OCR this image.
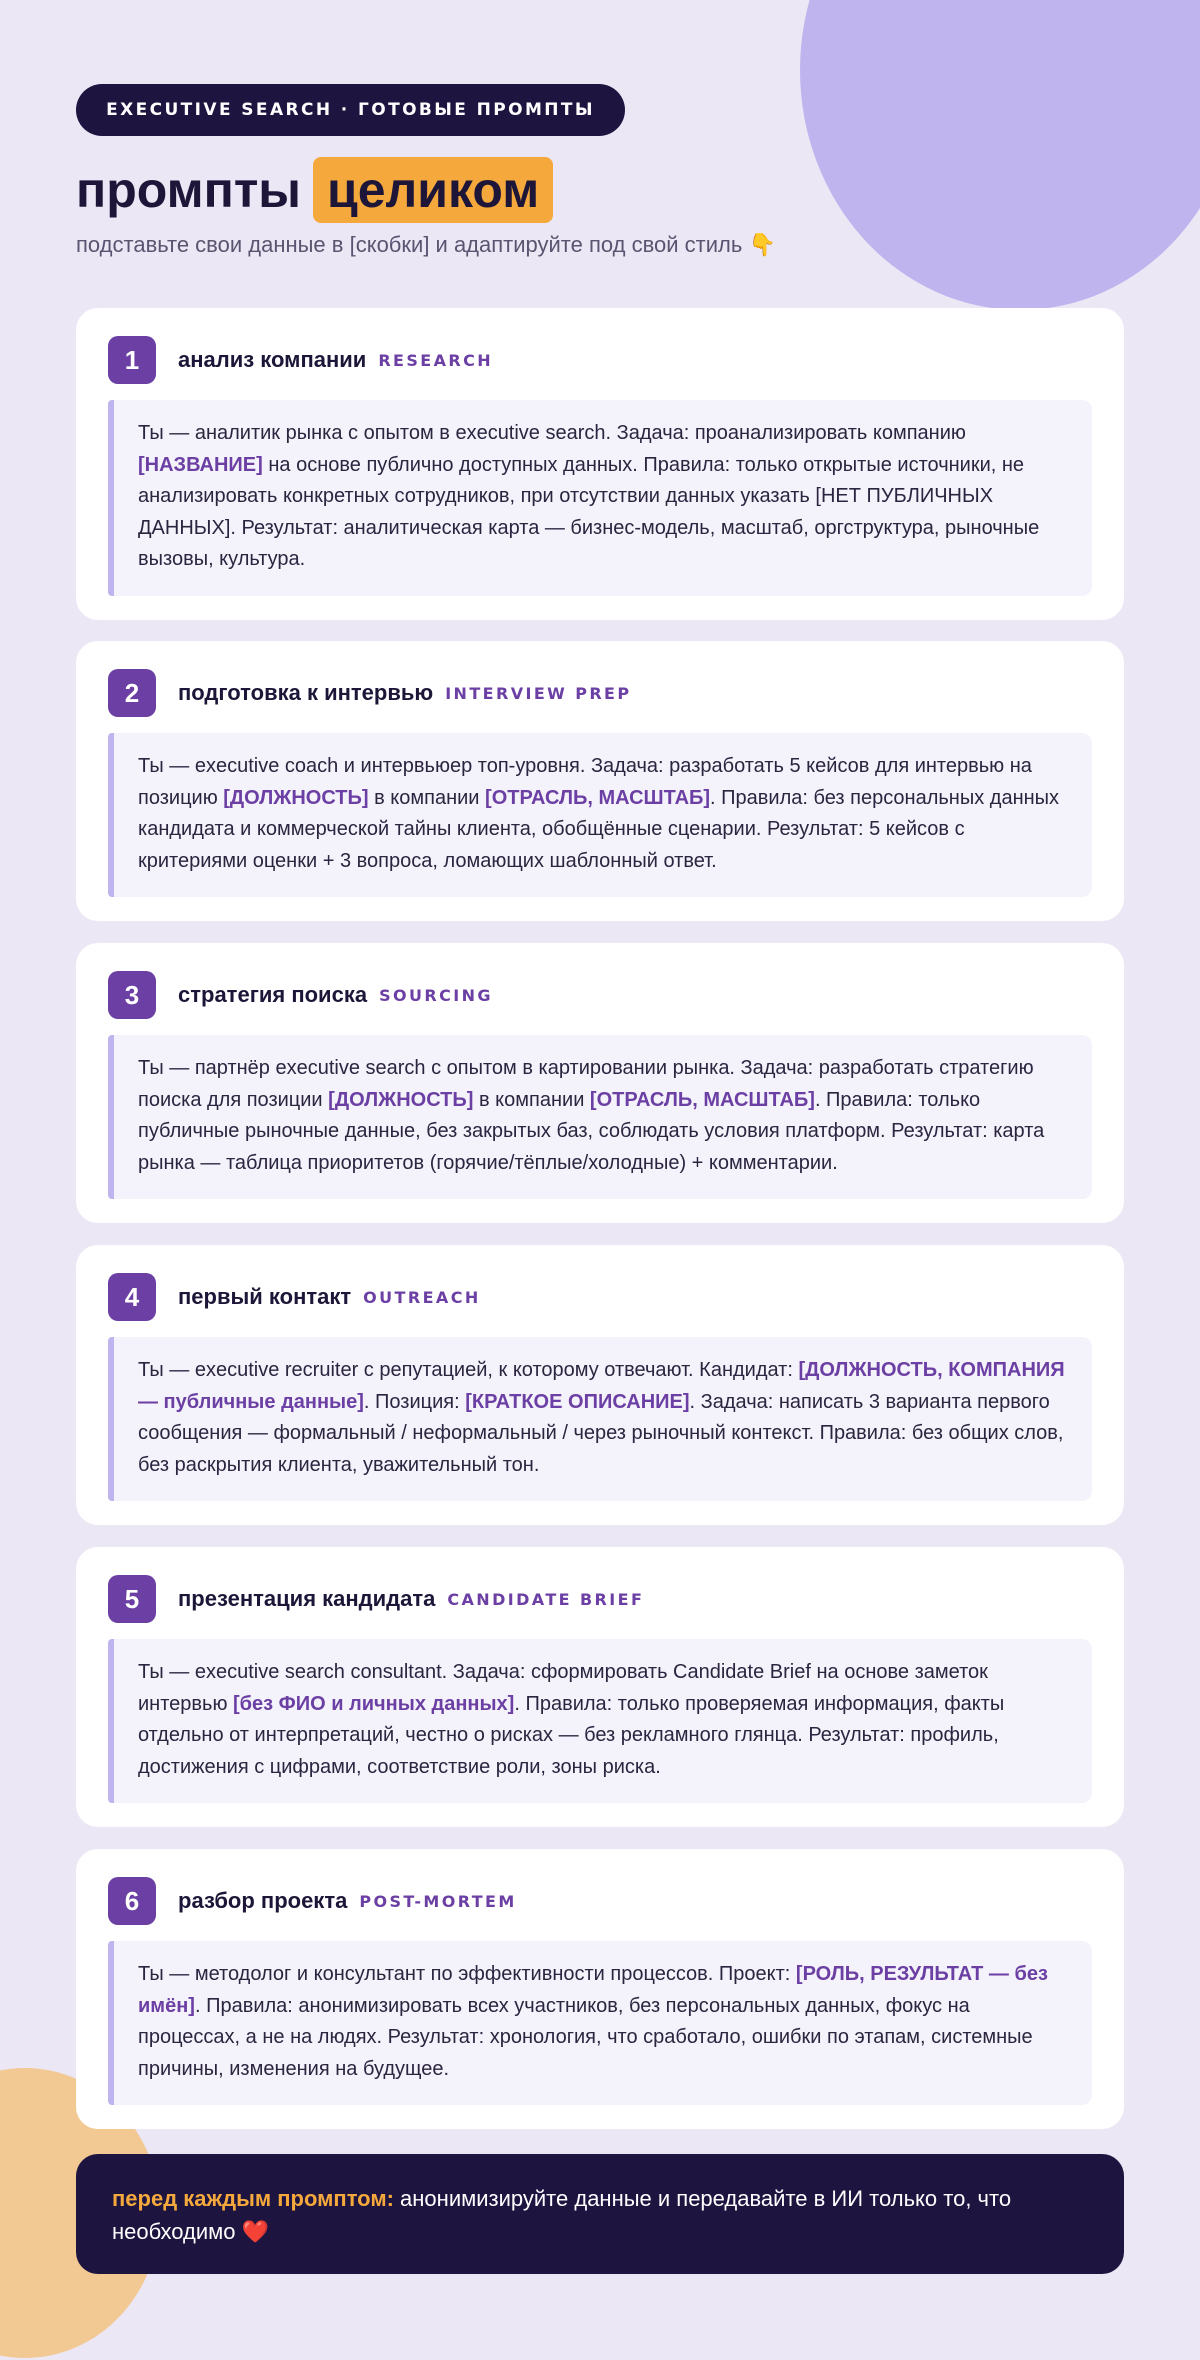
EXECUTIVE SEARCH · ГОТОВЫЕ ПРОМПТЫ
промпты целиком
подставьте свои данные в [скобки] и адаптируйте под свой стиль 👇
1	анализ компании RESEARCH
Ты — аналитик рынка с опытом в executive search. Задача: проанализировать компанию [НАЗВАНИЕ] на основе публично доступных данных. Правила: только открытые источники, не анализировать конкретных сотрудников, при отсутствии данных указать [НЕТ ПУБЛИЧНЫХ ДАННЫХ]. Результат: аналитическая карта — бизнес-модель, масштаб, оргструктура, рыночные вызовы, культура.
2	подготовка к интервью INTERVIEW PREP
Ты — executive coach и интервьюер топ-уровня. Задача: разработать 5 кейсов для интервью на позицию [ДОЛЖНОСТЬ] в компании [ОТРАСЛЬ, МАСШТАБ]. Правила: без персональных данных кандидата и коммерческой тайны клиента, обобщённые сценарии. Результат: 5 кейсов с критериями оценки + 3 вопроса, ломающих шаблонный ответ.
3	стратегия поиска SOURCING
Ты — партнёр executive search с опытом в картировании рынка. Задача: разработать стратегию поиска для позиции [ДОЛЖНОСТЬ] в компании [ОТРАСЛЬ, МАСШТАБ]. Правила: только публичные рыночные данные, без закрытых баз, соблюдать условия платформ. Результат: карта рынка — таблица приоритетов (горячие/тёплые/холодные) + комментарии.
4	первый контакт OUTREACH
Ты — executive recruiter с репутацией, к которому отвечают. Кандидат: [ДОЛЖНОСТЬ, КОМПАНИЯ — публичные данные]. Позиция: [КРАТКОЕ ОПИСАНИЕ]. Задача: написать 3 варианта первого сообщения — формальный / неформальный / через рыночный контекст. Правила: без общих слов, без раскрытия клиента, уважительный тон.
5	презентация кандидата CANDIDATE BRIEF
Ты — executive search consultant. Задача: сформировать Candidate Brief на основе заметок интервью [без ФИО и личных данных]. Правила: только проверяемая информация, факты отдельно от интерпретаций, честно о рисках — без рекламного глянца. Результат: профиль, достижения с цифрами, соответствие роли, зоны риска.
6	разбор проекта POST-MORTEM
Ты — методолог и консультант по эффективности процессов. Проект: [РОЛЬ, РЕЗУЛЬТАТ — без имён]. Правила: анонимизировать всех участников, без персональных данных, фокус на процессах, а не на людях. Результат: хронология, что сработало, ошибки по этапам, системные причины, изменения на будущее.
перед каждым промптом: анонимизируйте данные и передавайте в ИИ только то, что необходимо ❤️
